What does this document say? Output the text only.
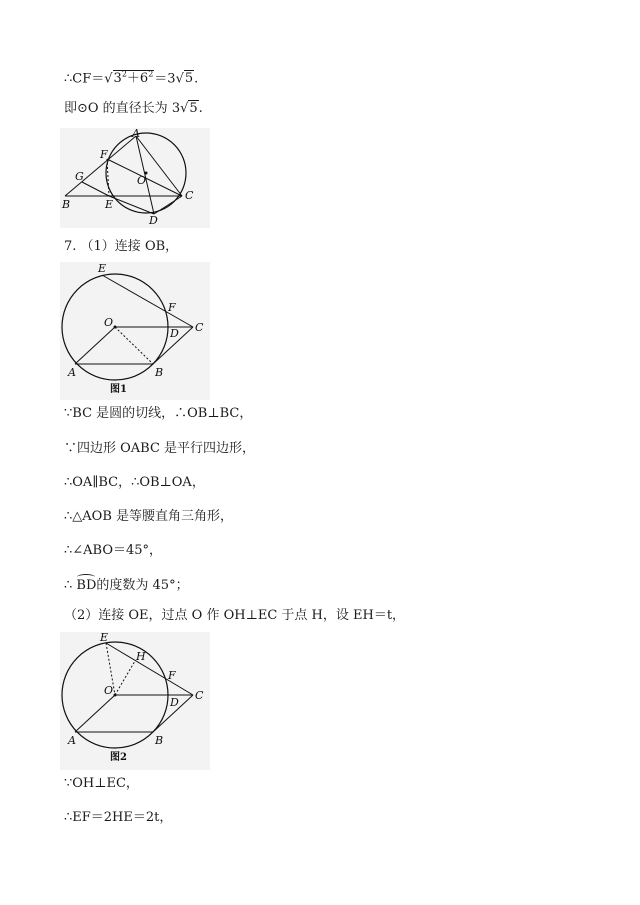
$\therefore CF=√3^2+6^2=3√5$.
即⊙O 的直径长为 3√5.
A
F
G	O
C
B	E
D
7. （1）连接 OB，
E
F
O
D C
A	B
图1
∵BC 是圆的切线，∴OB⊥BC，
∵四边形 OABC 是平行四边形，
∴OA∥BC，∴OB⊥OA，
∴△AOB 是等腰直角三角形，
∴∠ABO＝45°，
∴ BD的度数为 45°；
（2）连接 OE，过点 O 作 OH⊥EC 于点 H，设 EH＝t，
E
H
F
O
D
C
A	B
图2
∵OH⊥EC，
∴EF＝2HE＝2t，
